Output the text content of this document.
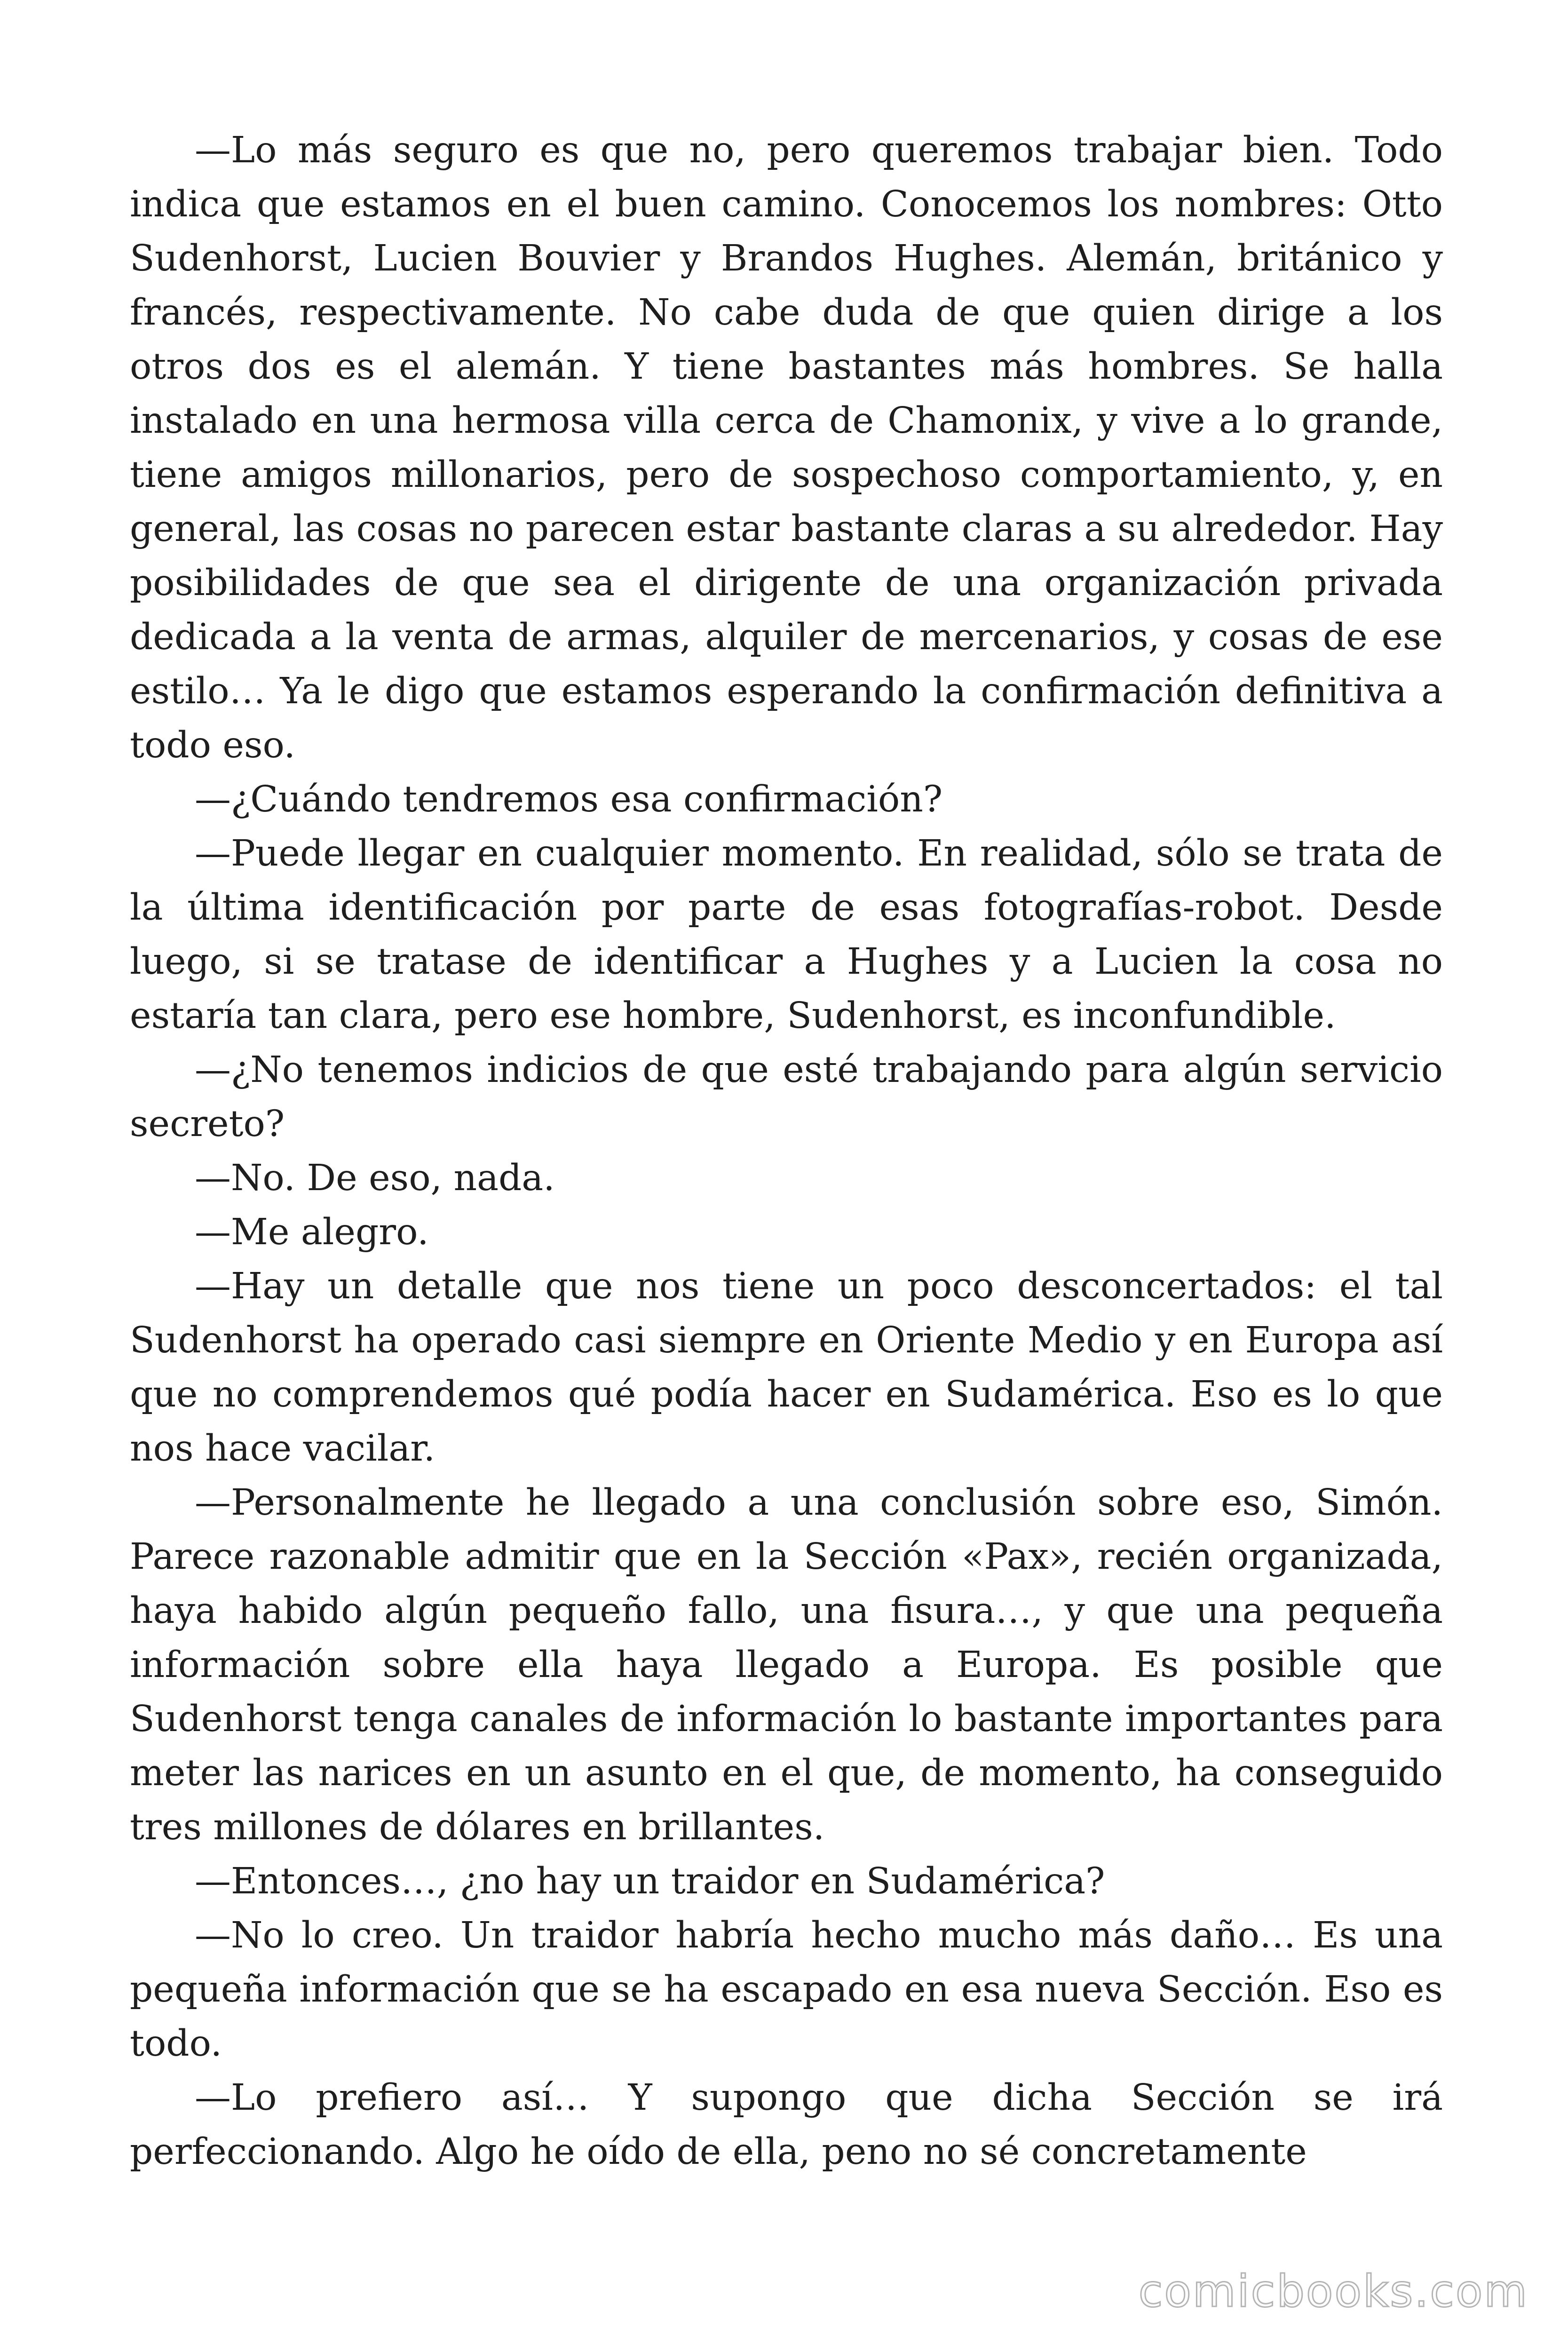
—Lo más seguro es que no, pero queremos trabajar bien. Todo indica que estamos en el buen camino. Conocemos los nombres: Otto Sudenhorst, Lucien Bouvier y Brandos Hughes. Alemán, británico y francés, respectivamente. No cabe duda de que quien dirige a los otros dos es el alemán. Y tiene bastantes más hombres. Se halla instalado en una hermosa villa cerca de Chamonix, y vive a lo grande, tiene amigos millonarios, pero de sospechoso comportamiento, y, en general, las cosas no parecen estar bastante claras a su alrededor. Hay posibilidades de que sea el dirigente de una organización privada dedicada a la venta de armas, alquiler de mercenarios, y cosas de ese estilo… Ya le digo que estamos esperando la confirmación definitiva a todo eso.

—¿Cuándo tendremos esa confirmación?

—Puede llegar en cualquier momento. En realidad, sólo se trata de la última identificación por parte de esas fotografías-robot. Desde luego, si se tratase de identificar a Hughes y a Lucien la cosa no estaría tan clara, pero ese hombre, Sudenhorst, es inconfundible.

—¿No tenemos indicios de que esté trabajando para algún servicio secreto?

—No. De eso, nada.

—Me alegro.

—Hay un detalle que nos tiene un poco desconcertados: el tal Sudenhorst ha operado casi siempre en Oriente Medio y en Europa así que no comprendemos qué podía hacer en Sudamérica. Eso es lo que nos hace vacilar.

—Personalmente he llegado a una conclusión sobre eso, Simón. Parece razonable admitir que en la Sección «Pax», recién organizada, haya habido algún pequeño fallo, una fisura…, y que una pequeña información sobre ella haya llegado a Europa. Es posible que Sudenhorst tenga canales de información lo bastante importantes para meter las narices en un asunto en el que, de momento, ha conseguido tres millones de dólares en brillantes.

—Entonces…, ¿no hay un traidor en Sudamérica?

—No lo creo. Un traidor habría hecho mucho más daño… Es una pequeña información que se ha escapado en esa nueva Sección. Eso es todo.

—Lo prefiero así… Y supongo que dicha Sección se irá perfeccionando. Algo he oído de ella, peno no sé concretamente

comicbooks.com
